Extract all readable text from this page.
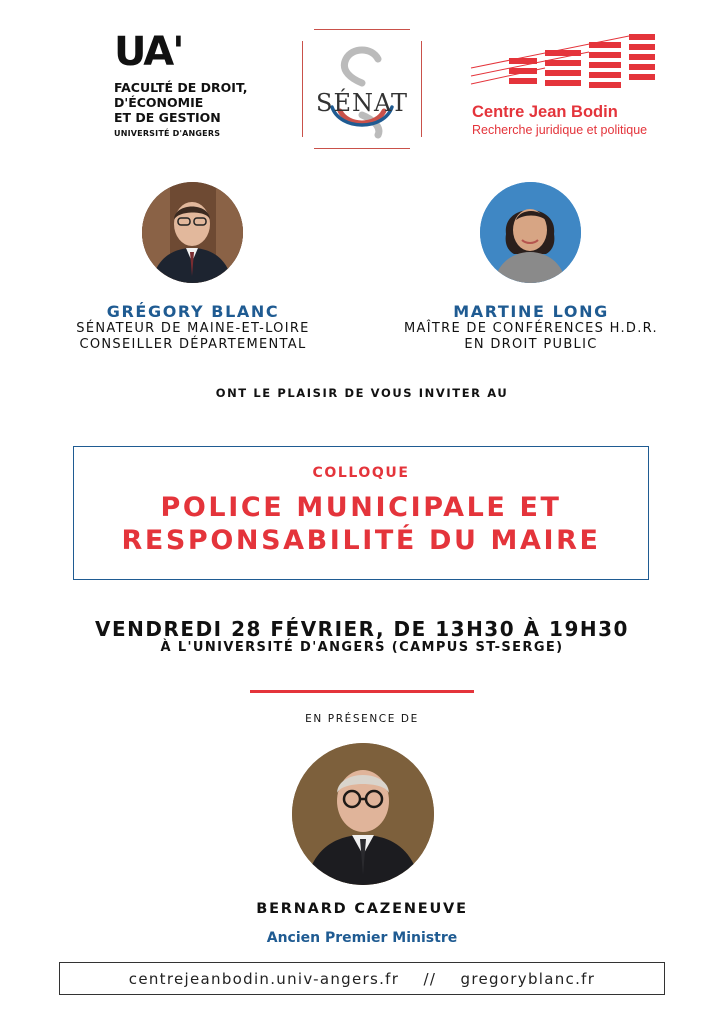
UA'
FACULTÉ DE DROIT,
D'ÉCONOMIE
ET DE GESTION
UNIVERSITÉ D'ANGERS
SÉNAT	Centre Jean Bodin
Recherche juridique et politique
GRÉGORY BLANC
SÉNATEUR DE MAINE-ET-LOIRE
CONSEILLER DÉPARTEMENTAL
MARTINE LONG
MAÎTRE DE CONFÉRENCES H.D.R.
EN DROIT PUBLIC
ONT LE PLAISIR DE VOUS INVITER AU
COLLOQUE
POLICE MUNICIPALE ET
RESPONSABILITÉ DU MAIRE
VENDREDI 28 FÉVRIER, DE 13H30 À 19H30
À L'UNIVERSITÉ D'ANGERS (CAMPUS ST-SERGE)
EN PRÉSENCE DE
BERNARD CAZENEUVE
Ancien Premier Ministre
centrejeanbodin.univ-angers.fr // gregoryblanc.fr
